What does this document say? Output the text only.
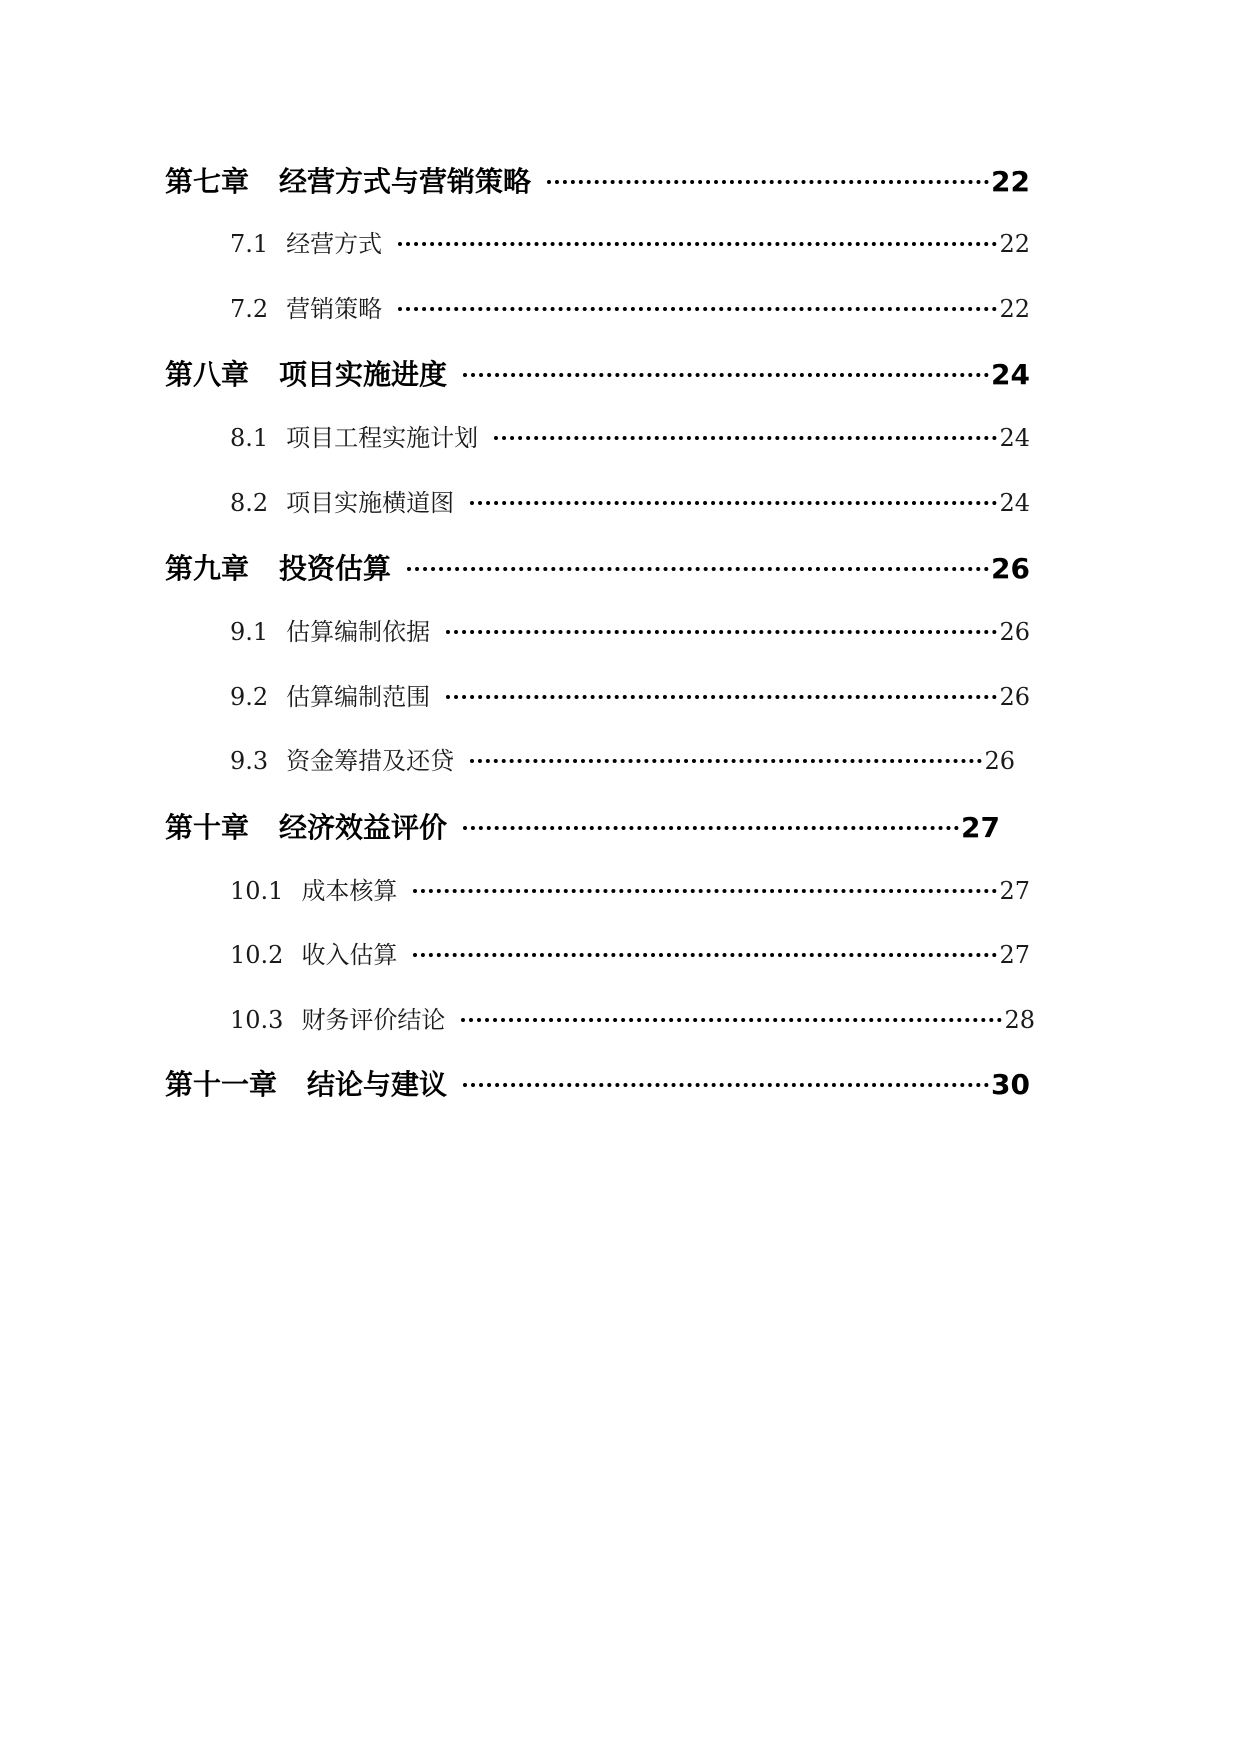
第七章 经营方式与营销策略	22
7.1 经营方式	22
7.2 营销策略	22
第八章 项目实施进度	24
8.1 项目工程实施计划	24
8.2 项目实施横道图	24
第九章 投资估算	26
9.1 估算编制依据	26
9.2 估算编制范围	26
9.3 资金筹措及还贷	26
第十章 经济效益评价	27
10.1 成本核算	27
10.2 收入估算	27
10.3 财务评价结论	28
第十一章 结论与建议	30
